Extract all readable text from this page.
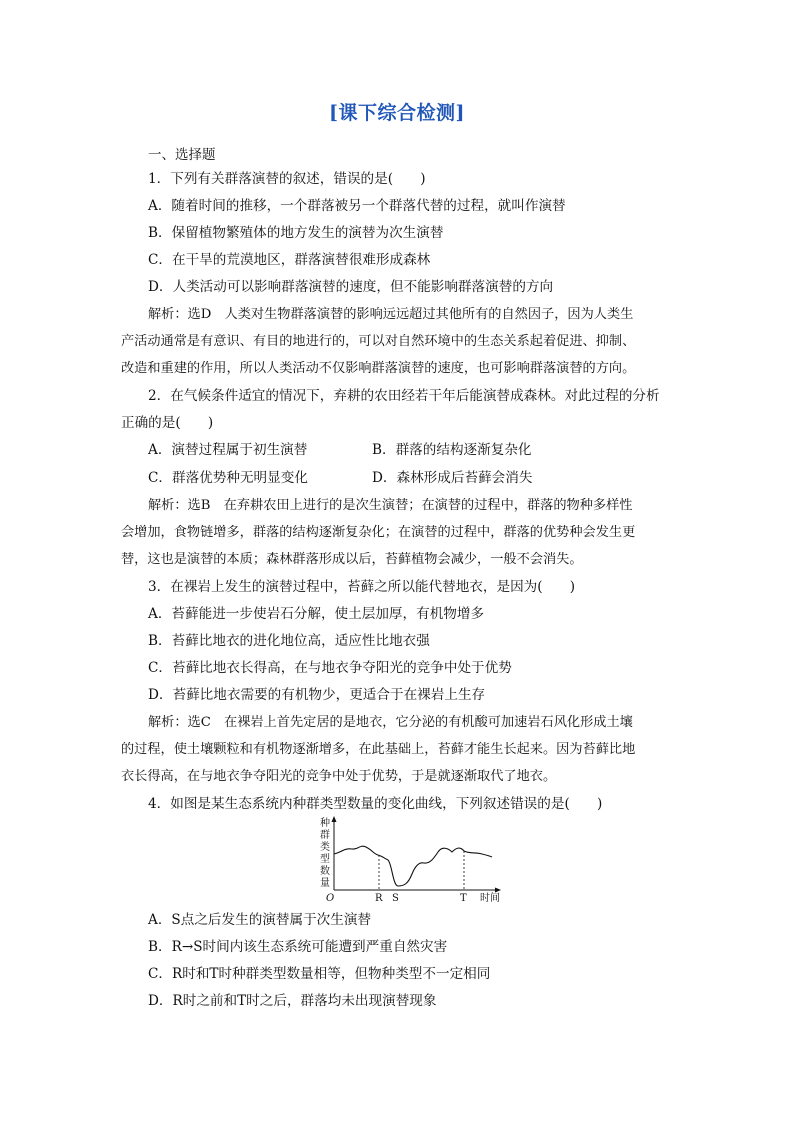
[课下综合检测]
一、选择题
1．下列有关群落演替的叙述，错误的是(　　)
A．随着时间的推移，一个群落被另一个群落代替的过程，就叫作演替
B．保留植物繁殖体的地方发生的演替为次生演替
C．在干旱的荒漠地区，群落演替很难形成森林
D．人类活动可以影响群落演替的速度，但不能影响群落演替的方向
解析：选D　人类对生物群落演替的影响远远超过其他所有的自然因子，因为人类生
产活动通常是有意识、有目的地进行的，可以对自然环境中的生态关系起着促进、抑制、
改造和重建的作用，所以人类活动不仅影响群落演替的速度，也可影响群落演替的方向。
2．在气候条件适宜的情况下，弃耕的农田经若干年后能演替成森林。对此过程的分析
正确的是(　　)
A．演替过程属于初生演替	B．群落的结构逐渐复杂化
C．群落优势种无明显变化	D．森林形成后苔藓会消失
解析：选B　在弃耕农田上进行的是次生演替；在演替的过程中，群落的物种多样性
会增加，食物链增多，群落的结构逐渐复杂化；在演替的过程中，群落的优势种会发生更
替，这也是演替的本质；森林群落形成以后，苔藓植物会减少，一般不会消失。
3．在裸岩上发生的演替过程中，苔藓之所以能代替地衣，是因为(　　)
A．苔藓能进一步使岩石分解，使土层加厚，有机物增多
B．苔藓比地衣的进化地位高，适应性比地衣强
C．苔藓比地衣长得高，在与地衣争夺阳光的竞争中处于优势
D．苔藓比地衣需要的有机物少，更适合于在裸岩上生存
解析：选C　在裸岩上首先定居的是地衣，它分泌的有机酸可加速岩石风化形成土壤
的过程，使土壤颗粒和有机物逐渐增多，在此基础上，苔藓才能生长起来。因为苔藓比地
衣长得高，在与地衣争夺阳光的竞争中处于优势，于是就逐渐取代了地衣。
4．如图是某生态系统内种群类型数量的变化曲线，下列叙述错误的是(　　)
种
群
类
型
数
量
O	R S	T 时间
A．S点之后发生的演替属于次生演替
B．R→S时间内该生态系统可能遭到严重自然灾害
C．R时和T时种群类型数量相等，但物种类型不一定相同
D．R时之前和T时之后，群落均未出现演替现象
